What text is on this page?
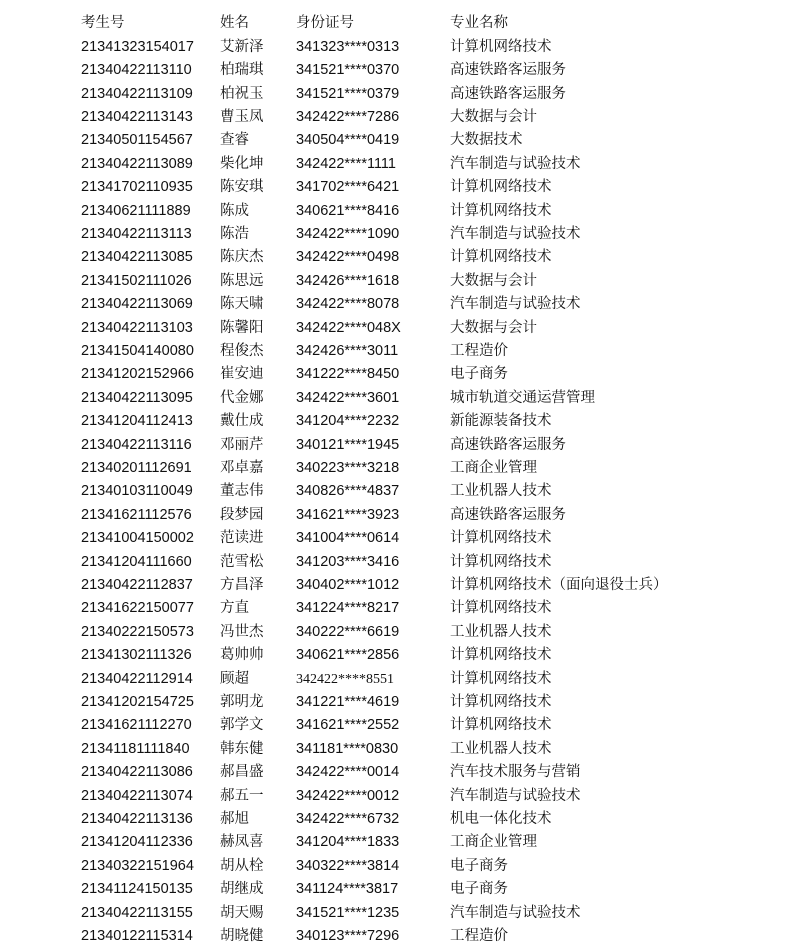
考生号	姓名	身份证号	专业名称
21341323154017 艾新泽 341323****0313	计算机网络技术
21340422113110 柏瑞琪 341521****0370	高速铁路客运服务
21340422113109 柏祝玉 341521****0379	高速铁路客运服务
21340422113143 曹玉凤 342422****7286	大数据与会计
21340501154567 查睿	340504****0419	大数据技术
21340422113089 柴化坤 342422****1111	汽车制造与试验技术
21341702110935 陈安琪 341702****6421	计算机网络技术
21340621111889 陈成	340621****8416	计算机网络技术
21340422113113 陈浩	342422****1090	汽车制造与试验技术
21340422113085 陈庆杰 342422****0498	计算机网络技术
21341502111026 陈思远 342426****1618	大数据与会计
21340422113069 陈天啸 342422****8078	汽车制造与试验技术
21340422113103 陈馨阳 342422****048X	大数据与会计
21341504140080 程俊杰 342426****3011	工程造价
21341202152966 崔安迪 341222****8450	电子商务
21340422113095 代金娜 342422****3601	城市轨道交通运营管理
21341204112413 戴仕成 341204****2232	新能源装备技术
21340422113116 邓丽芹 340121****1945	高速铁路客运服务
21340201112691 邓卓嘉 340223****3218	工商企业管理
21340103110049 董志伟 340826****4837	工业机器人技术
21341621112576 段梦园 341621****3923	高速铁路客运服务
21341004150002 范读进 341004****0614	计算机网络技术
21341204111660 范雪松 341203****3416	计算机网络技术
21340422112837 方昌泽 340402****1012	计算机网络技术（面向退役士兵）
21341622150077 方直	341224****8217	计算机网络技术
21340222150573 冯世杰 340222****6619	工业机器人技术
21341302111326 葛帅帅 340621****2856	计算机网络技术
21340422112914 顾超	342422****8551	计算机网络技术
21341202154725 郭明龙 341221****4619	计算机网络技术
21341621112270 郭学文 341621****2552	计算机网络技术
21341181111840 韩东健 341181****0830	工业机器人技术
21340422113086 郝昌盛 342422****0014	汽车技术服务与营销
21340422113074 郝五一 342422****0012	汽车制造与试验技术
21340422113136 郝旭	342422****6732	机电一体化技术
21341204112336 赫凤喜 341204****1833	工商企业管理
21340322151964 胡从栓 340322****3814	电子商务
21341124150135 胡继成 341124****3817	电子商务
21340422113155 胡天赐 341521****1235	汽车制造与试验技术
21340122115314 胡晓健 340123****7296	工程造价
